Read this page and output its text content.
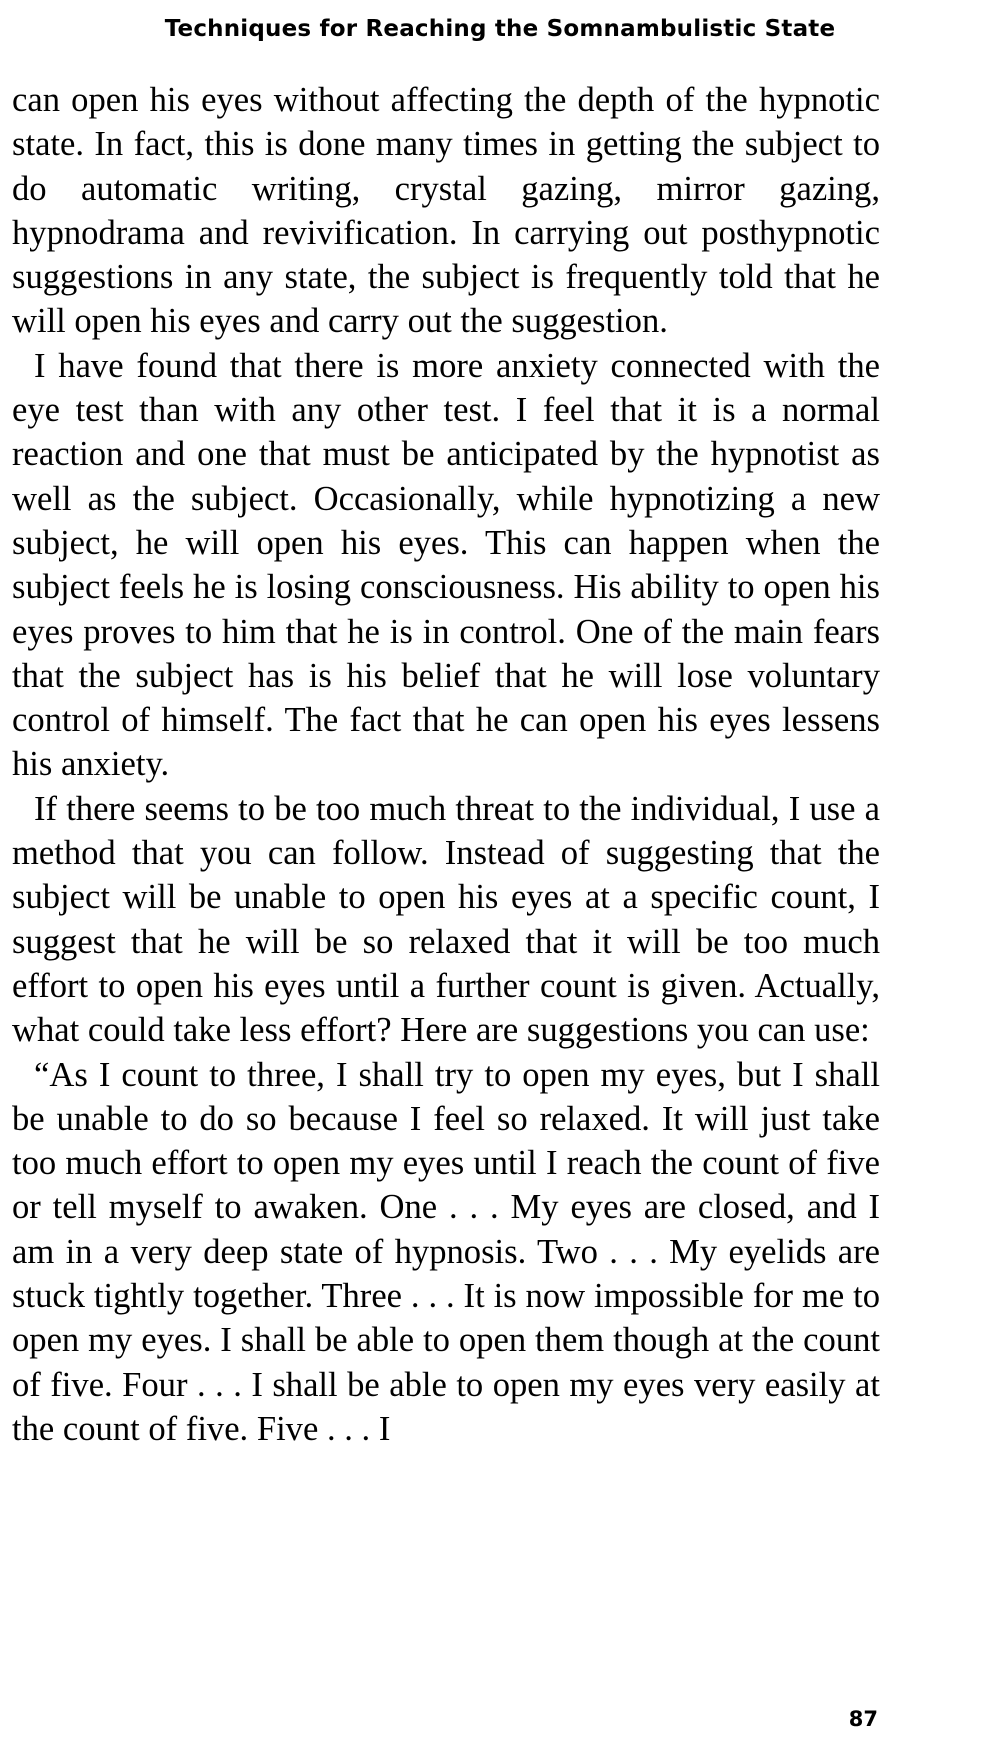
Techniques for Reaching the Somnambulistic State

can open his eyes without affecting the depth of the hypnotic state. In fact, this is done many times in getting the subject to do automatic writing, crystal gazing, mirror gazing, hypnodrama and revivification. In carrying out posthypnotic suggestions in any state, the subject is frequently told that he will open his eyes and carry out the suggestion.

I have found that there is more anxiety connected with the eye test than with any other test. I feel that it is a normal reaction and one that must be anticipated by the hypnotist as well as the subject. Occasionally, while hypnotizing a new subject, he will open his eyes. This can happen when the subject feels he is losing consciousness. His ability to open his eyes proves to him that he is in control. One of the main fears that the subject has is his belief that he will lose voluntary control of himself. The fact that he can open his eyes lessens his anxiety.

If there seems to be too much threat to the individual, I use a method that you can follow. Instead of suggesting that the subject will be unable to open his eyes at a specific count, I suggest that he will be so relaxed that it will be too much effort to open his eyes until a further count is given. Actually, what could take less effort? Here are suggestions you can use:

“As I count to three, I shall try to open my eyes, but I shall be unable to do so because I feel so relaxed. It will just take too much effort to open my eyes until I reach the count of five or tell myself to awaken. One . . . My eyes are closed, and I am in a very deep state of hypnosis. Two . . . My eyelids are stuck tightly together. Three . . . It is now impossible for me to open my eyes. I shall be able to open them though at the count of five. Four . . . I shall be able to open my eyes very easily at the count of five. Five . . . I

87
